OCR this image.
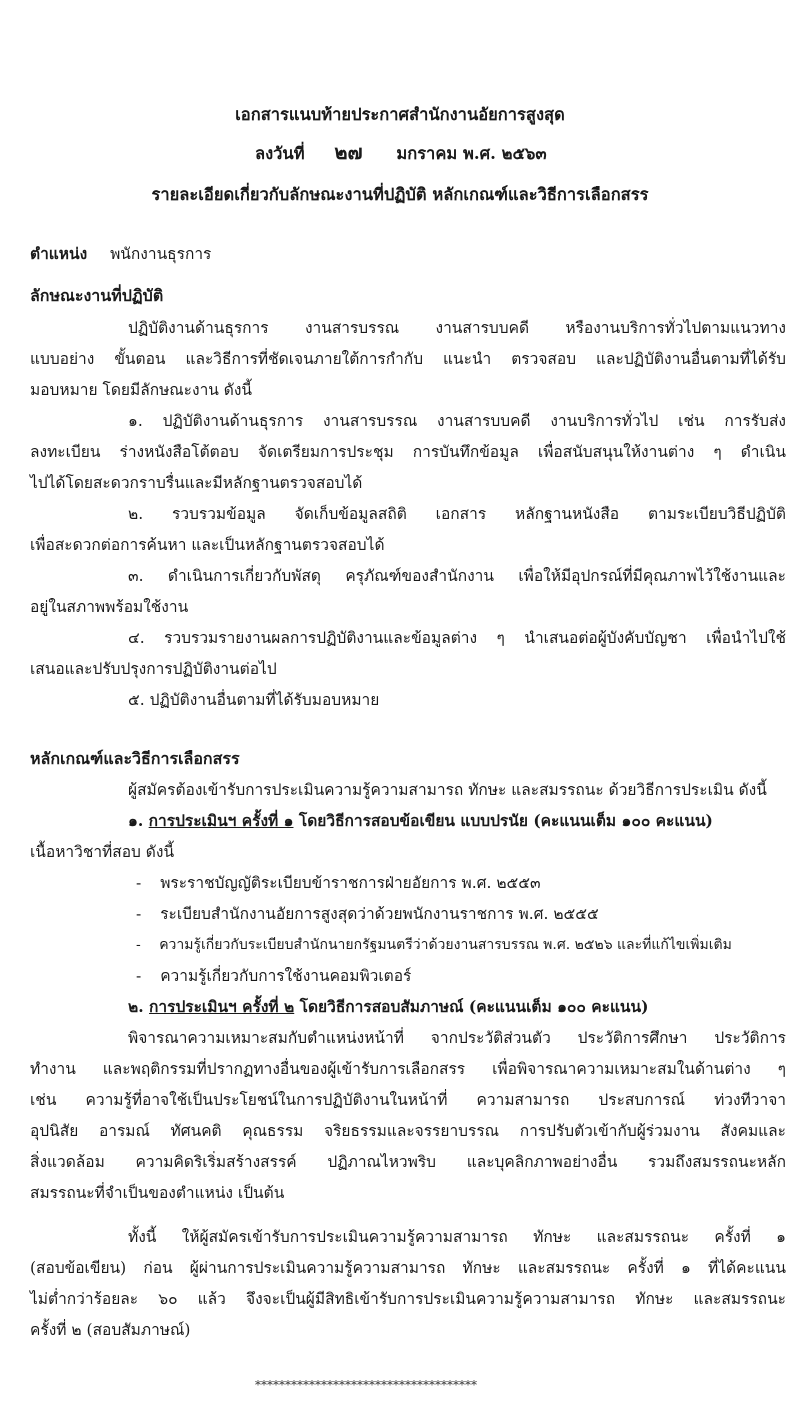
เอกสารแนบท้ายประกาศสำนักงานอัยการสูงสุด
ลงวันที่ ๒๗ มกราคม พ.ศ. ๒๕๖๓
รายละเอียดเกี่ยวกับลักษณะงานที่ปฏิบัติ หลักเกณฑ์และวิธีการเลือกสรร
ตำแหน่ง พนักงานธุรการ
ลักษณะงานที่ปฏิบัติ
ปฏิบัติงานด้านธุรการ งานสารบรรณ งานสารบบคดี หรืองานบริการทั่วไปตามแนวทาง
แบบอย่าง ขั้นตอน และวิธีการที่ชัดเจนภายใต้การกำกับ แนะนำ ตรวจสอบ และปฏิบัติงานอื่นตามที่ได้รับ
มอบหมาย โดยมีลักษณะงาน ดังนี้
๑. ปฏิบัติงานด้านธุรการ งานสารบรรณ งานสารบบคดี งานบริการทั่วไป เช่น การรับส่ง
ลงทะเบียน ร่างหนังสือโต้ตอบ จัดเตรียมการประชุม การบันทึกข้อมูล เพื่อสนับสนุนให้งานต่าง ๆ ดำเนิน
ไปได้โดยสะดวกราบรื่นและมีหลักฐานตรวจสอบได้
๒. รวบรวมข้อมูล จัดเก็บข้อมูลสถิติ เอกสาร หลักฐานหนังสือ ตามระเบียบวิธีปฏิบัติ
เพื่อสะดวกต่อการค้นหา และเป็นหลักฐานตรวจสอบได้
๓. ดำเนินการเกี่ยวกับพัสดุ ครุภัณฑ์ของสำนักงาน เพื่อให้มีอุปกรณ์ที่มีคุณภาพไว้ใช้งานและ
อยู่ในสภาพพร้อมใช้งาน
๔. รวบรวมรายงานผลการปฏิบัติงานและข้อมูลต่าง ๆ นำเสนอต่อผู้บังคับบัญชา เพื่อนำไปใช้
เสนอและปรับปรุงการปฏิบัติงานต่อไป
๕. ปฏิบัติงานอื่นตามที่ได้รับมอบหมาย
หลักเกณฑ์และวิธีการเลือกสรร
ผู้สมัครต้องเข้ารับการประเมินความรู้ความสามารถ ทักษะ และสมรรถนะ ด้วยวิธีการประเมิน ดังนี้
๑. การประเมินฯ ครั้งที่ ๑ โดยวิธีการสอบข้อเขียน แบบปรนัย (คะแนนเต็ม ๑๐๐ คะแนน)
เนื้อหาวิชาที่สอบ ดังนี้
- พระราชบัญญัติระเบียบข้าราชการฝ่ายอัยการ พ.ศ. ๒๕๕๓
- ระเบียบสำนักงานอัยการสูงสุดว่าด้วยพนักงานราชการ พ.ศ. ๒๕๕๕
- ความรู้เกี่ยวกับระเบียบสำนักนายกรัฐมนตรีว่าด้วยงานสารบรรณ พ.ศ. ๒๕๒๖ และที่แก้ไขเพิ่มเติม
- ความรู้เกี่ยวกับการใช้งานคอมพิวเตอร์
๒. การประเมินฯ ครั้งที่ ๒ โดยวิธีการสอบสัมภาษณ์ (คะแนนเต็ม ๑๐๐ คะแนน)
พิจารณาความเหมาะสมกับตำแหน่งหน้าที่ จากประวัติส่วนตัว ประวัติการศึกษา ประวัติการ
ทำงาน และพฤติกรรมที่ปรากฏทางอื่นของผู้เข้ารับการเลือกสรร เพื่อพิจารณาความเหมาะสมในด้านต่าง ๆ
เช่น ความรู้ที่อาจใช้เป็นประโยชน์ในการปฏิบัติงานในหน้าที่ ความสามารถ ประสบการณ์ ท่วงทีวาจา
อุปนิสัย อารมณ์ ทัศนคติ คุณธรรม จริยธรรมและจรรยาบรรณ การปรับตัวเข้ากับผู้ร่วมงาน สังคมและ
สิ่งแวดล้อม ความคิดริเริ่มสร้างสรรค์ ปฏิภาณไหวพริบ และบุคลิกภาพอย่างอื่น รวมถึงสมรรถนะหลัก
สมรรถนะที่จำเป็นของตำแหน่ง เป็นต้น
ทั้งนี้ ให้ผู้สมัครเข้ารับการประเมินความรู้ความสามารถ ทักษะ และสมรรถนะ ครั้งที่ ๑
(สอบข้อเขียน) ก่อน ผู้ผ่านการประเมินความรู้ความสามารถ ทักษะ และสมรรถนะ ครั้งที่ ๑ ที่ได้คะแนน
ไม่ต่ำกว่าร้อยละ ๖๐ แล้ว จึงจะเป็นผู้มีสิทธิเข้ารับการประเมินความรู้ความสามารถ ทักษะ และสมรรถนะ
ครั้งที่ ๒ (สอบสัมภาษณ์)
*************************************
